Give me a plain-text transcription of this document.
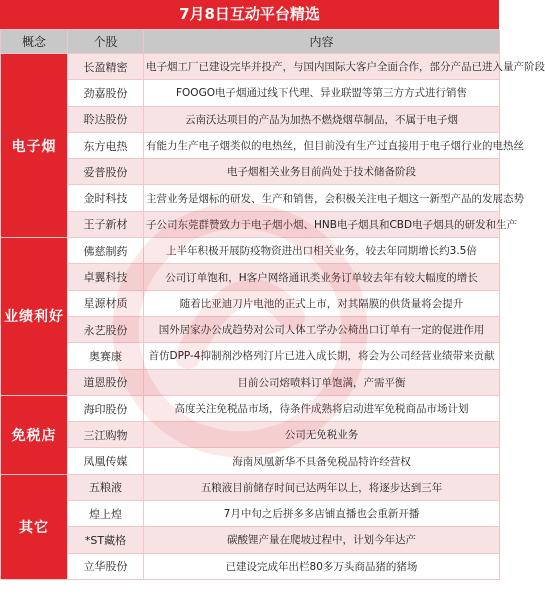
7月8日互动平台精选
概念	个股	内容
电子烟	长盈精密	电子烟工厂已建设完毕并投产，与国内国际大客户全面合作，部分产品已进入量产阶段
	劲嘉股份	FOOGO电子烟通过线下代理、异业联盟等第三方方式进行销售
	聆达股份	云南沃达项目的产品为加热不燃烧烟草制品，不属于电子烟
	东方电热	有能力生产电子烟类似的电热丝，但目前没有生产过直接用于电子烟行业的电热丝
	爱普股份	电子烟相关业务目前尚处于技术储备阶段
	金时科技	主营业务是烟标的研发、生产和销售，会积极关注电子烟这一新型产品的发展态势
	王子新材	子公司东莞群赞致力于电子烟小烟、HNB电子烟具和CBD电子烟具的研发和生产
业绩利好	佛慈制药	上半年积极开展防疫物资进出口相关业务，较去年同期增长约3.5倍
	卓翼科技	公司订单饱和，H客户网络通讯类业务订单较去年有较大幅度的增长
	星源材质	随着比亚迪刀片电池的正式上市，对其隔膜的供货量将会提升
	永艺股份	国外居家办公成趋势对公司人体工学办公椅出口订单有一定的促进作用
	奥赛康	首仿DPP-4抑制剂沙格列汀片已进入成长期，将会为公司经营业绩带来贡献
	道恩股份	目前公司熔喷料订单饱满，产需平衡
免税店	海印股份	高度关注免税品市场，待条件成熟将启动进军免税商品市场计划
	三江购物	公司无免税业务
	凤凰传媒	海南凤凰新华不具备免税品特许经营权
其它	五粮液	五粮液目前储存时间已达两年以上，将逐步达到三年
	煌上煌	7月中旬之后拼多多店铺直播也会重新开播
	*ST藏格	碳酸锂产量在爬坡过程中，计划今年达产
	立华股份	已建设完成年出栏80多万头商品猪的猪场
